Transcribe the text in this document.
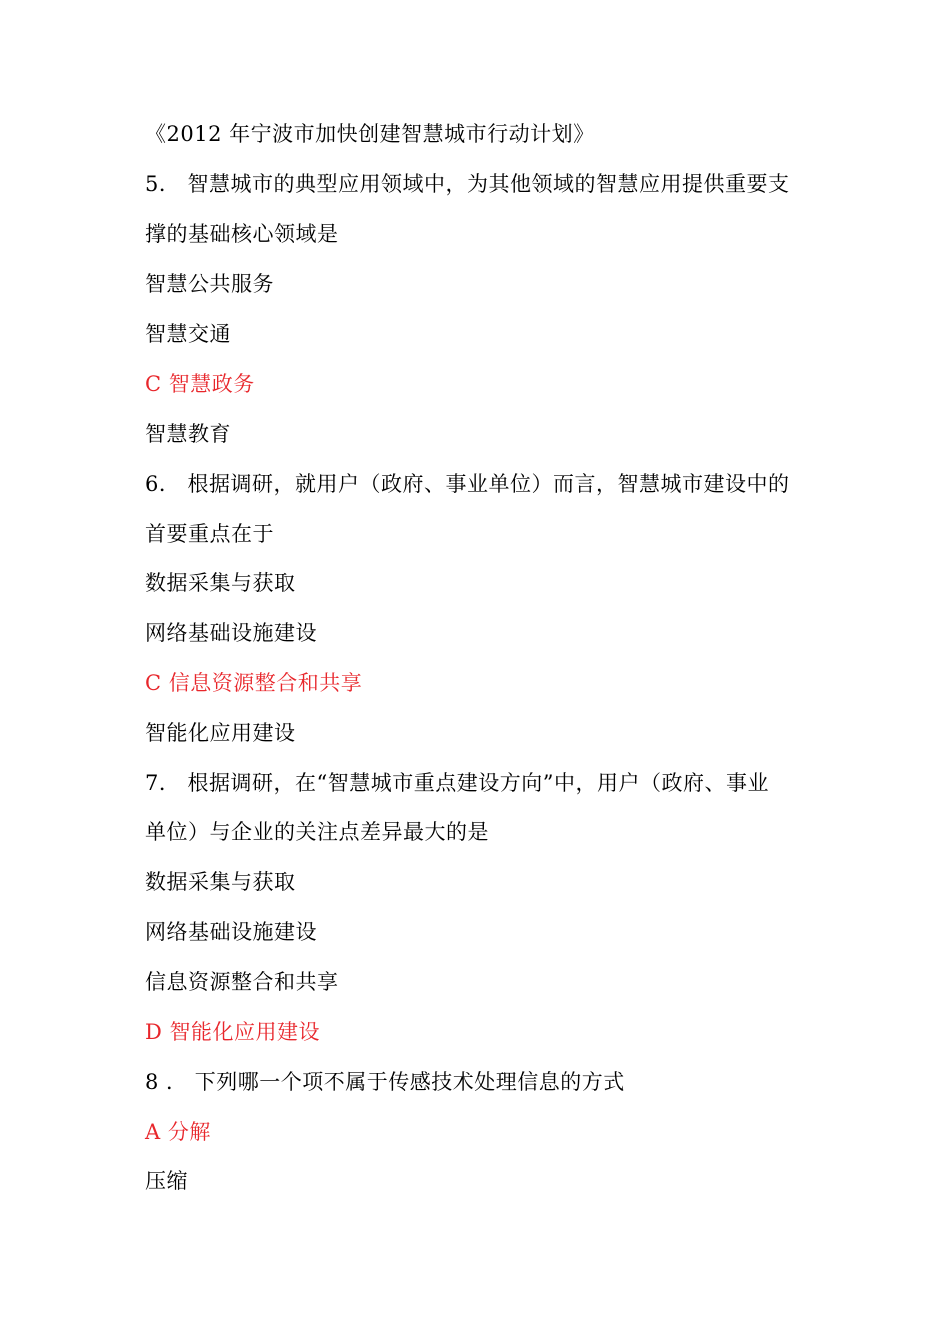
《2012 年宁波市加快创建智慧城市行动计划》
5． 智慧城市的典型应用领域中，为其他领域的智慧应用提供重要支
撑的基础核心领域是
智慧公共服务
智慧交通
C 智慧政务
智慧教育
6． 根据调研，就用户（政府、事业单位）而言，智慧城市建设中的
首要重点在于
数据采集与获取
网络基础设施建设
C 信息资源整合和共享
智能化应用建设
7． 根据调研，在“智慧城市重点建设方向”中，用户（政府、事业
单位）与企业的关注点差异最大的是
数据采集与获取
网络基础设施建设
信息资源整合和共享
D 智能化应用建设
8 ． 下列哪一个项不属于传感技术处理信息的方式
A 分解
压缩
